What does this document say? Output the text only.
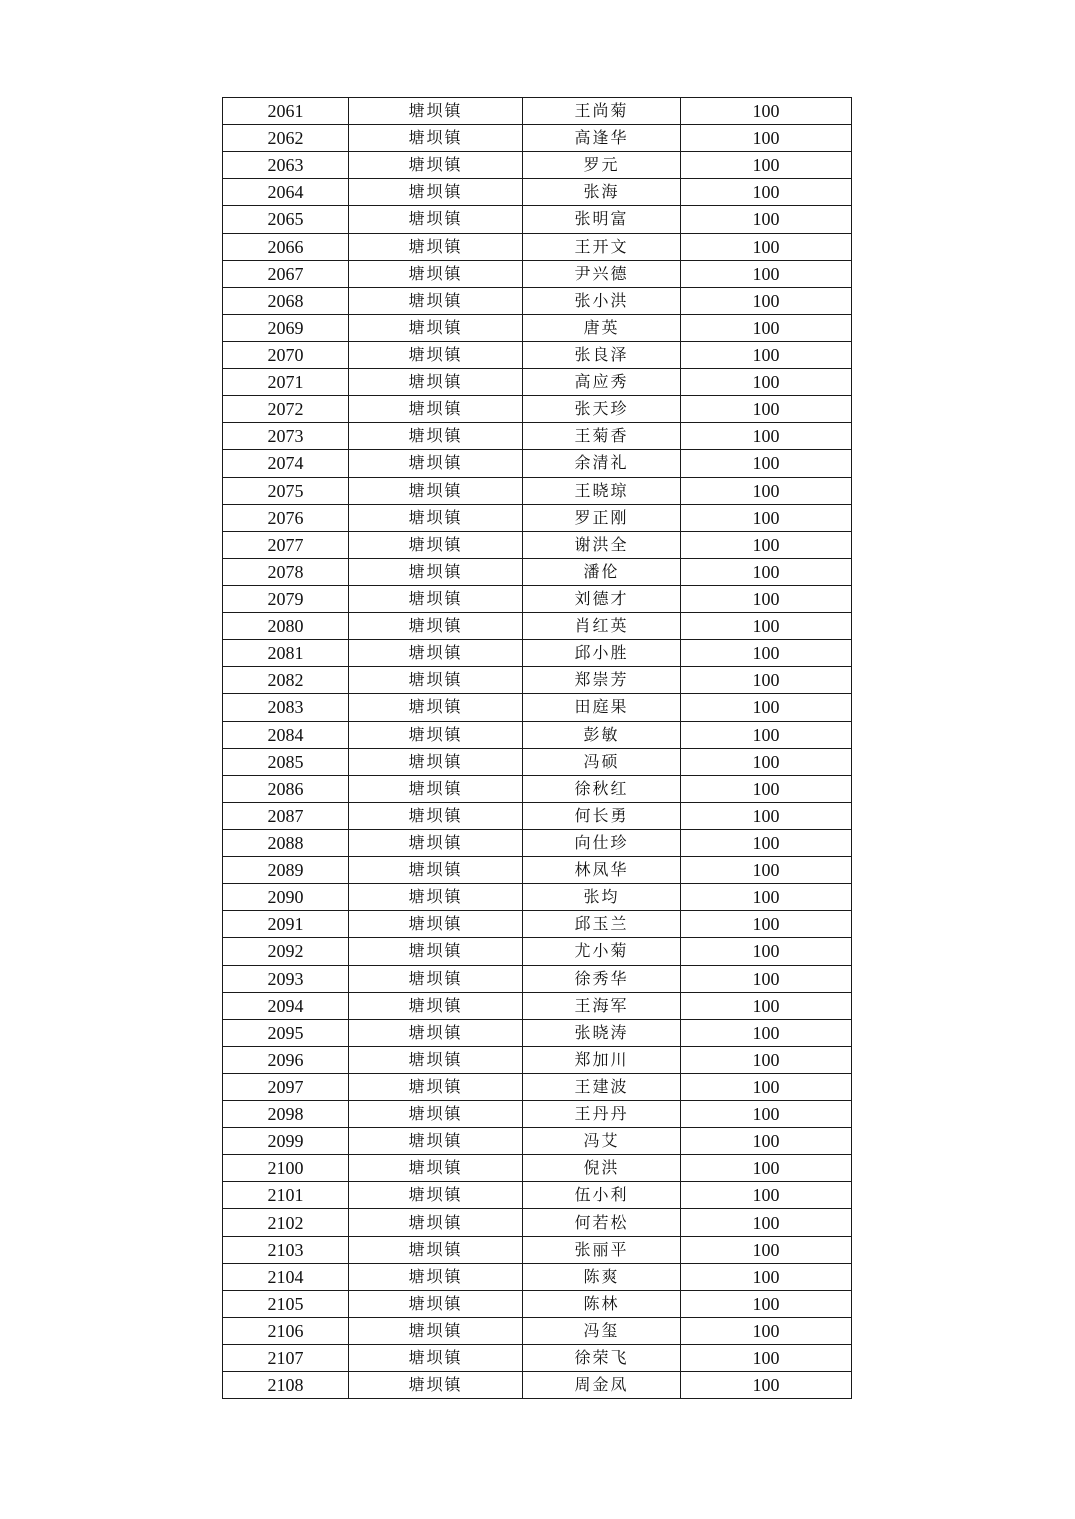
2061	塘坝镇	王尚菊	100
2062	塘坝镇	高逢华	100
2063	塘坝镇	罗元	100
2064	塘坝镇	张海	100
2065	塘坝镇	张明富	100
2066	塘坝镇	王开文	100
2067	塘坝镇	尹兴德	100
2068	塘坝镇	张小洪	100
2069	塘坝镇	唐英	100
2070	塘坝镇	张良泽	100
2071	塘坝镇	高应秀	100
2072	塘坝镇	张天珍	100
2073	塘坝镇	王菊香	100
2074	塘坝镇	余清礼	100
2075	塘坝镇	王晓琼	100
2076	塘坝镇	罗正刚	100
2077	塘坝镇	谢洪全	100
2078	塘坝镇	潘伦	100
2079	塘坝镇	刘德才	100
2080	塘坝镇	肖红英	100
2081	塘坝镇	邱小胜	100
2082	塘坝镇	郑崇芳	100
2083	塘坝镇	田庭果	100
2084	塘坝镇	彭敏	100
2085	塘坝镇	冯硕	100
2086	塘坝镇	徐秋红	100
2087	塘坝镇	何长勇	100
2088	塘坝镇	向仕珍	100
2089	塘坝镇	林凤华	100
2090	塘坝镇	张均	100
2091	塘坝镇	邱玉兰	100
2092	塘坝镇	尤小菊	100
2093	塘坝镇	徐秀华	100
2094	塘坝镇	王海军	100
2095	塘坝镇	张晓涛	100
2096	塘坝镇	郑加川	100
2097	塘坝镇	王建波	100
2098	塘坝镇	王丹丹	100
2099	塘坝镇	冯艾	100
2100	塘坝镇	倪洪	100
2101	塘坝镇	伍小利	100
2102	塘坝镇	何若松	100
2103	塘坝镇	张丽平	100
2104	塘坝镇	陈爽	100
2105	塘坝镇	陈林	100
2106	塘坝镇	冯玺	100
2107	塘坝镇	徐荣飞	100
2108	塘坝镇	周金凤	100
